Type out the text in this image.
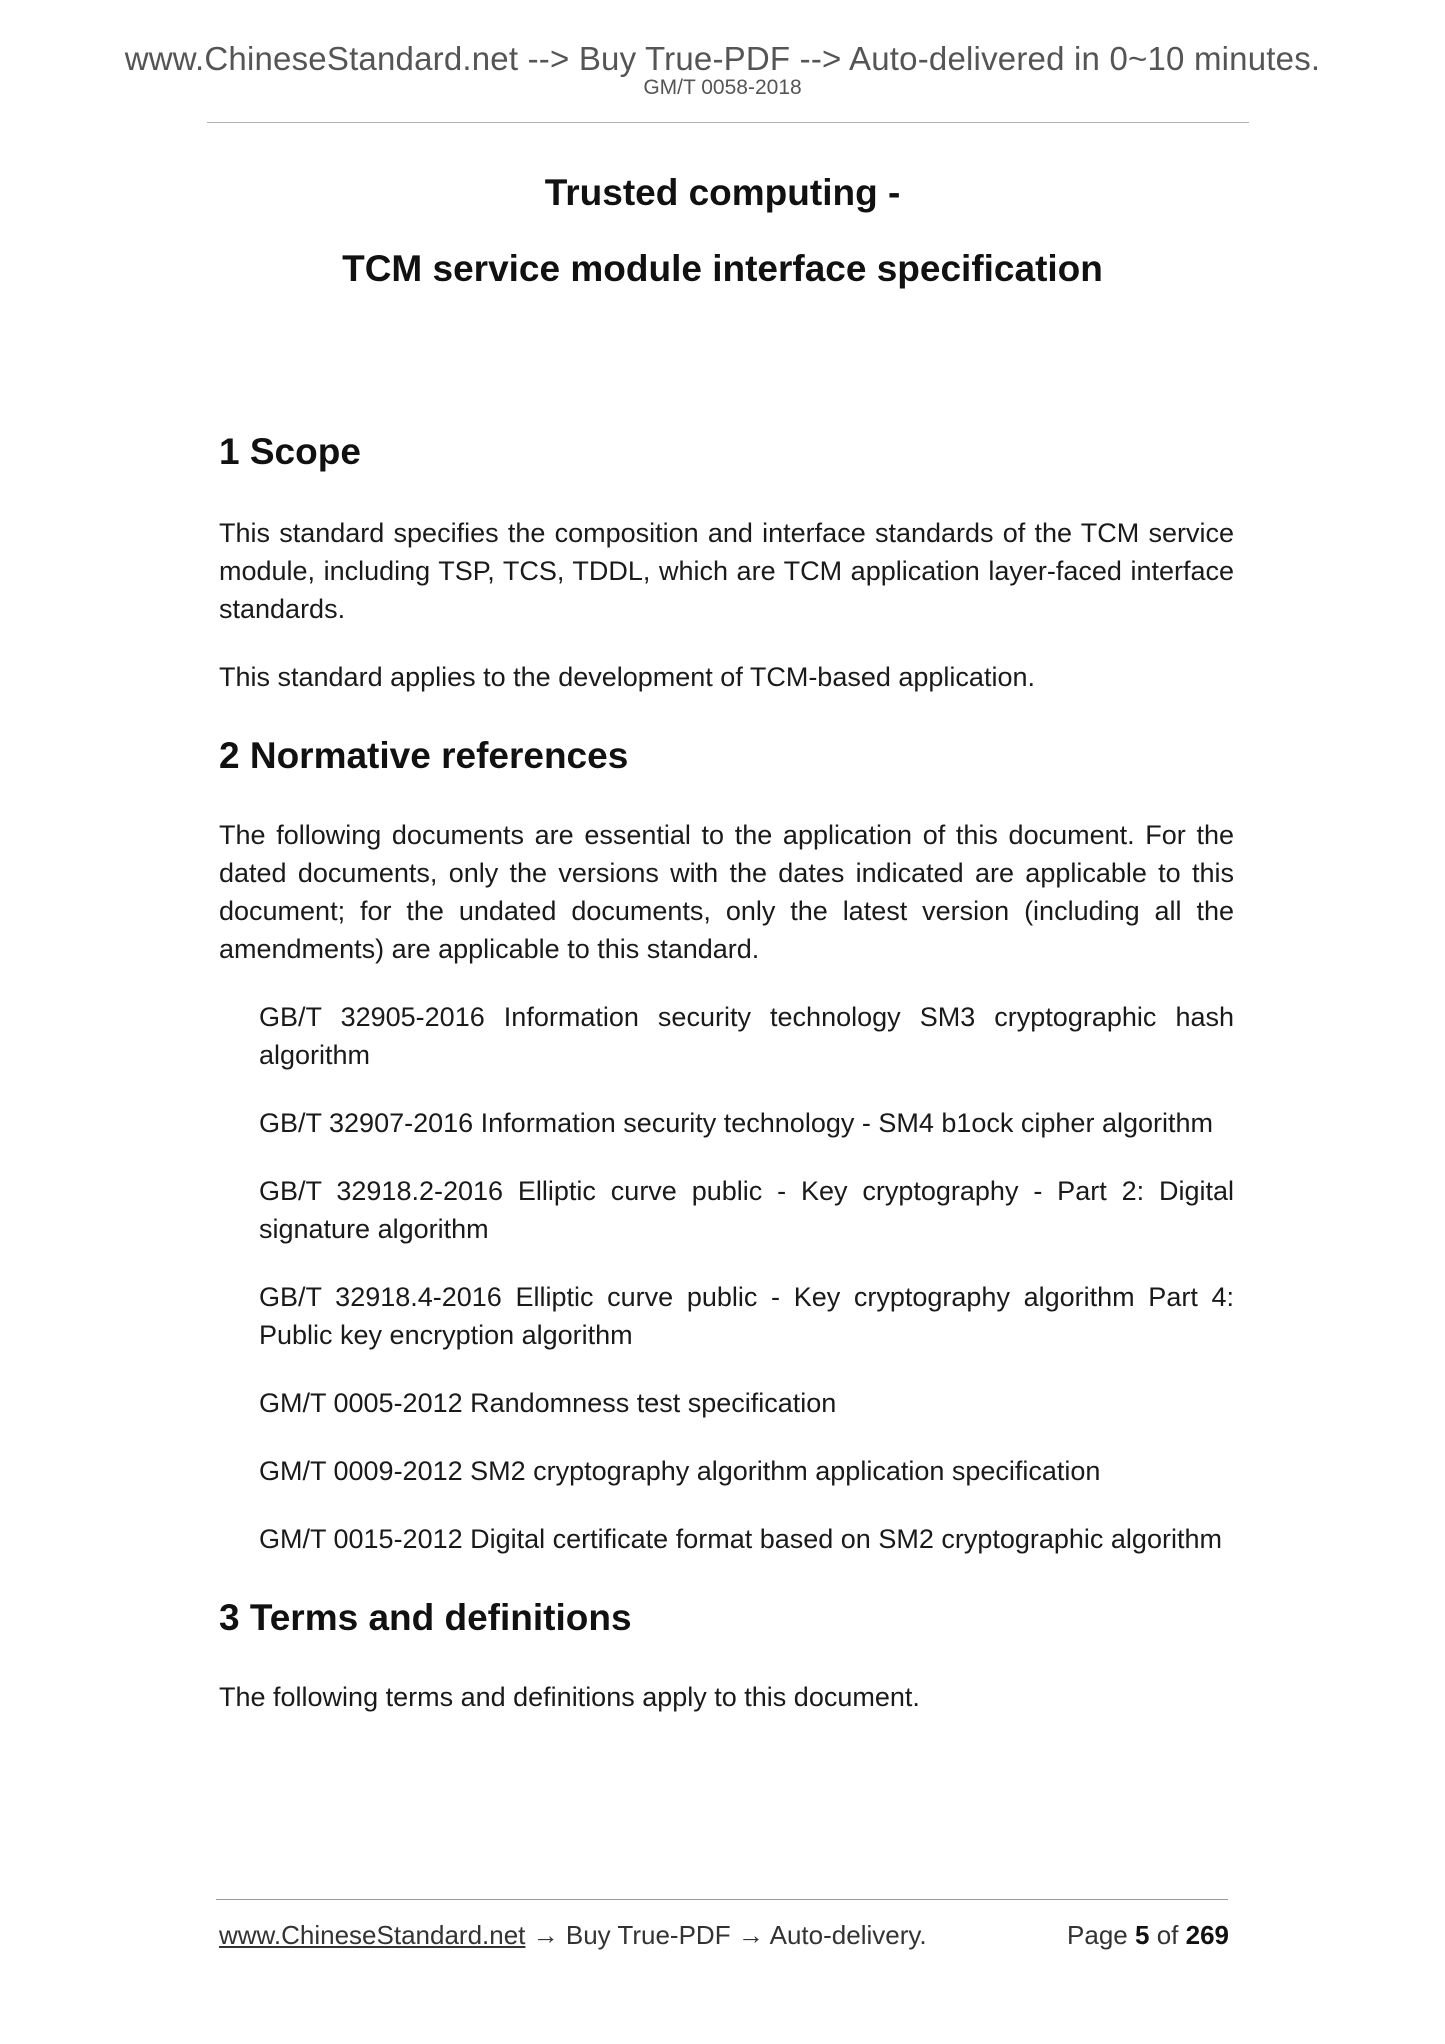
www.ChineseStandard.net --> Buy True-PDF --> Auto-delivered in 0~10 minutes.
GM/T 0058-2018
Trusted computing -
TCM service module interface specification
1 Scope

This standard specifies the composition and interface standards of the TCM service module, including TSP, TCS, TDDL, which are TCM application layer-faced interface standards.

This standard applies to the development of TCM-based application.

2 Normative references

The following documents are essential to the application of this document. For the dated documents, only the versions with the dates indicated are applicable to this document; for the undated documents, only the latest version (including all the amendments) are applicable to this standard.

GB/T 32905-2016 Information security technology SM3 cryptographic hash algorithm

GB/T 32907-2016 Information security technology - SM4 b1ock cipher algorithm

GB/T 32918.2-2016 Elliptic curve public - Key cryptography - Part 2: Digital signature algorithm

GB/T 32918.4-2016 Elliptic curve public - Key cryptography algorithm Part 4: Public key encryption algorithm

GM/T 0005-2012 Randomness test specification

GM/T 0009-2012 SM2 cryptography algorithm application specification

GM/T 0015-2012 Digital certificate format based on SM2 cryptographic algorithm

3 Terms and definitions

The following terms and definitions apply to this document.

www.ChineseStandard.net → Buy True-PDF → Auto-delivery.	Page 5 of 269
